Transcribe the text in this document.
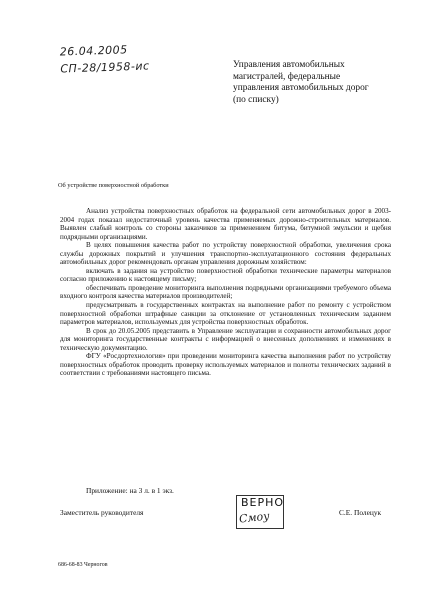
26.04.2005
СП-28/1958-ис	Управления автомобильных
магистралей, федеральные
управления автомобильных дорог
(по списку)
Об устройстве поверхностной обработки

Анализ устройства поверхностных обработок на федеральной сети автомобильных дорог в 2003-2004 годах показал недостаточный уровень качества применяемых дорожно-строительных материалов. Выявлен слабый контроль со стороны заказчиков за применением битума, битумной эмульсии и щебня подрядными организациями.

В целях повышения качества работ по устройству поверхностной обработки, увеличения срока службы дорожных покрытий и улучшения транспортно-эксплуатационного состояния федеральных автомобильных дорог рекомендовать органам управления дорожным хозяйством:

включать в задания на устройство поверхностной обработки технические параметры материалов согласно приложению к настоящему письму;

обеспечивать проведение мониторинга выполнения подрядными организациями требуемого объема входного контроля качества материалов производителей;

предусматривать в государственных контрактах на выполнение работ по ремонту с устройством поверхностной обработки штрафные санкции за отклонение от установленных техническим заданием параметров материалов, используемых для устройства поверхностных обработок.

В срок до 20.05.2005 представить в Управление эксплуатации и сохранности автомобильных дорог для мониторинга государственные контракты с информацией о внесенных дополнениях и изменениях в техническую документацию.

ФГУ «Росдортехнология» при проведении мониторинга качества выполнения работ по устройству поверхностных обработок проводить проверку используемых материалов и полноты технических заданий в соответствии с требованиями настоящего письма.

Приложение: на 3 л. в 1 экз.
Заместитель руководителя
ВЕРНО
Смоу	С.Е. Полецук
686-68-83 Черногов
